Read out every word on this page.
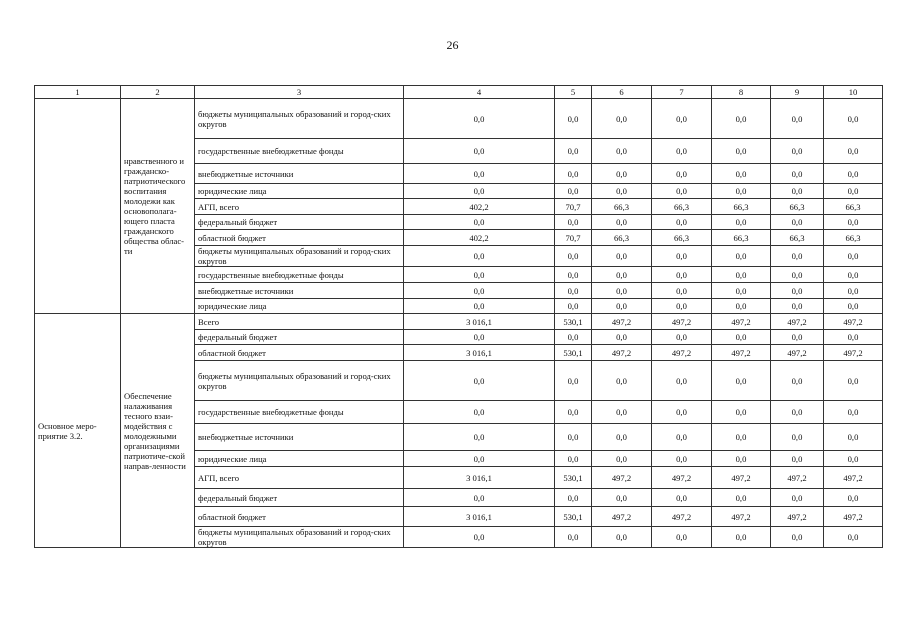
26
1	2	3	4	5	6	7	8	9	10
	нравственного и гражданско-патриотического воспитания молодежи как основополага-ющего пласта гражданского общества облас-ти	бюджеты муниципальных образований и город-ских округов	0,0	0,0	0,0	0,0	0,0	0,0	0,0
		государственные внебюджетные фонды	0,0	0,0	0,0	0,0	0,0	0,0	0,0
		внебюджетные источники	0,0	0,0	0,0	0,0	0,0	0,0	0,0
		юридические лица	0,0	0,0	0,0	0,0	0,0	0,0	0,0
		АГП, всего	402,2	70,7	66,3	66,3	66,3	66,3	66,3
		федеральный бюджет	0,0	0,0	0,0	0,0	0,0	0,0	0,0
		областной бюджет	402,2	70,7	66,3	66,3	66,3	66,3	66,3
		бюджеты муниципальных образований и город-ских округов	0,0	0,0	0,0	0,0	0,0	0,0	0,0
		государственные внебюджетные фонды	0,0	0,0	0,0	0,0	0,0	0,0	0,0
		внебюджетные источники	0,0	0,0	0,0	0,0	0,0	0,0	0,0
		юридические лица	0,0	0,0	0,0	0,0	0,0	0,0	0,0
Основное меро-приятие 3.2.	Обеспечение налаживания тесного взаи-модействия с молодежными организациями патриотиче-ской направ-ленности	Всего	3 016,1	530,1	497,2	497,2	497,2	497,2	497,2
		федеральный бюджет	0,0	0,0	0,0	0,0	0,0	0,0	0,0
		областной бюджет	3 016,1	530,1	497,2	497,2	497,2	497,2	497,2
		бюджеты муниципальных образований и город-ских округов	0,0	0,0	0,0	0,0	0,0	0,0	0,0
		государственные внебюджетные фонды	0,0	0,0	0,0	0,0	0,0	0,0	0,0
		внебюджетные источники	0,0	0,0	0,0	0,0	0,0	0,0	0,0
		юридические лица	0,0	0,0	0,0	0,0	0,0	0,0	0,0
		АГП, всего	3 016,1	530,1	497,2	497,2	497,2	497,2	497,2
		федеральный бюджет	0,0	0,0	0,0	0,0	0,0	0,0	0,0
		областной бюджет	3 016,1	530,1	497,2	497,2	497,2	497,2	497,2
		бюджеты муниципальных образований и город-ских округов	0,0	0,0	0,0	0,0	0,0	0,0	0,0
